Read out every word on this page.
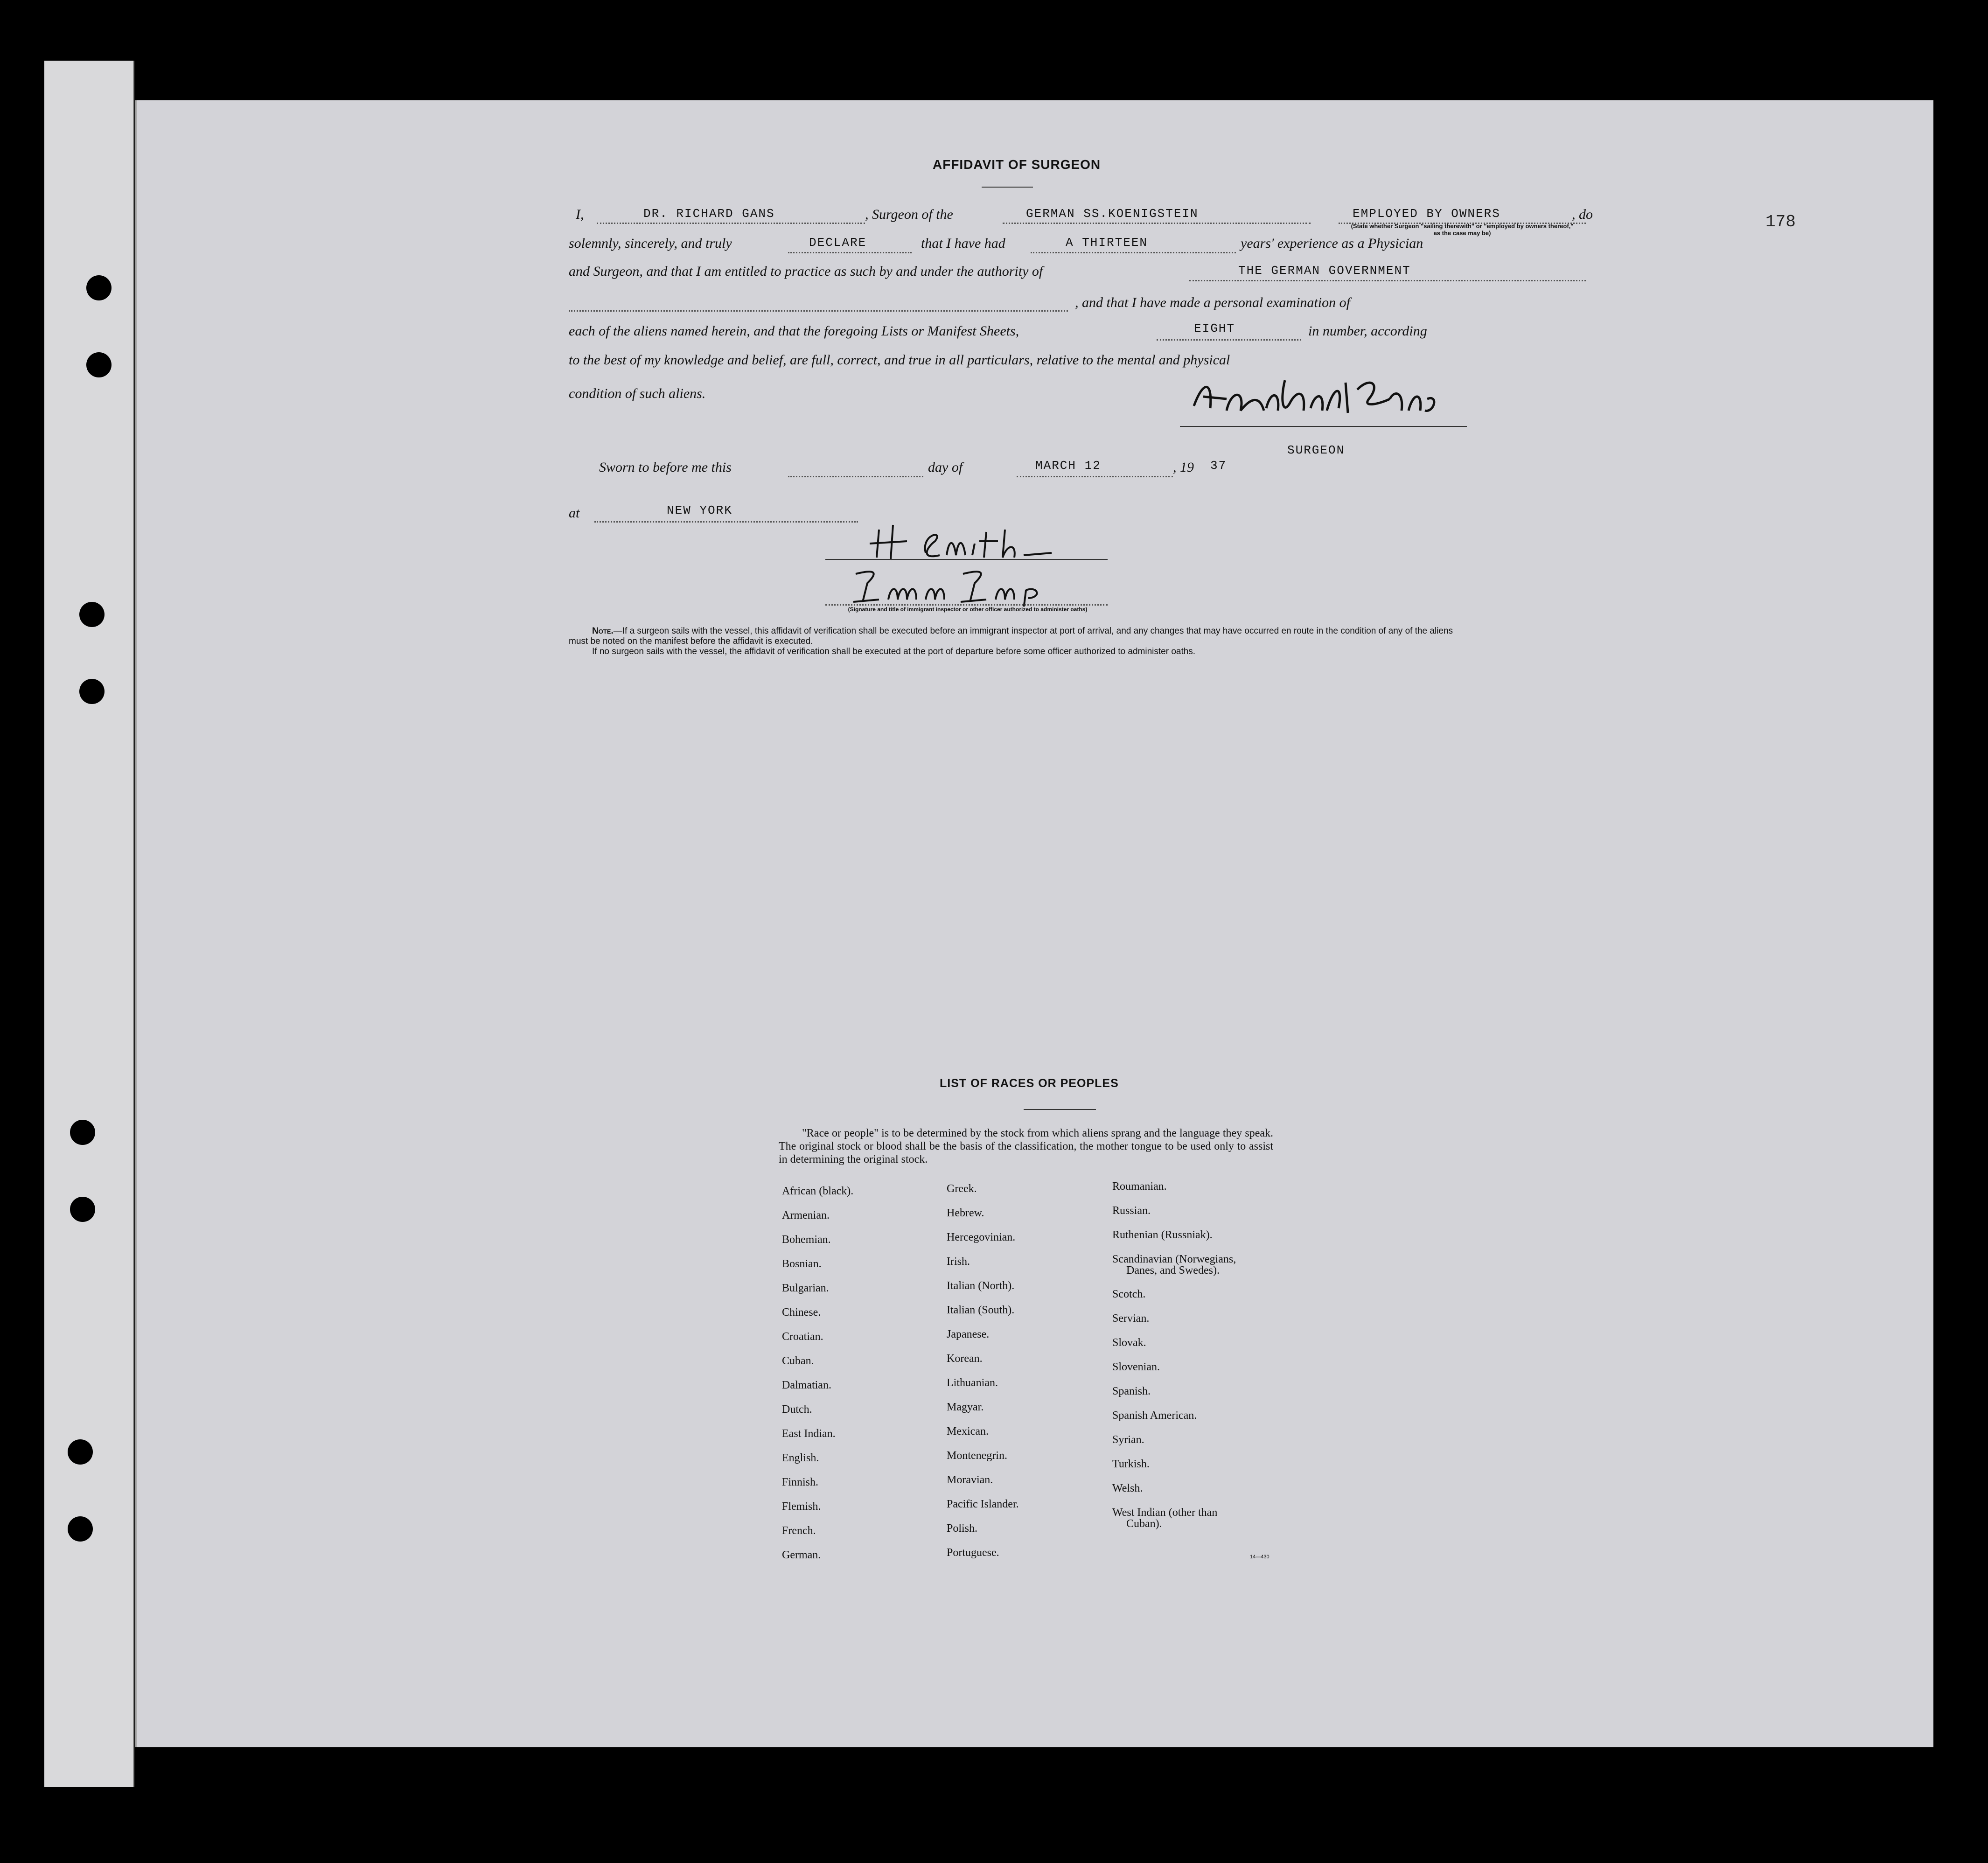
178
AFFIDAVIT OF SURGEON
I,	DR. RICHARD GANS	, Surgeon of the	GERMAN SS.KOENIGSTEIN	EMPLOYED BY OWNERS	, do
(State whether Surgeon "sailing therewith" or "employed by owners thereof," as the case may be)
solemnly, sincerely, and truly	DECLARE	that I have had	A THIRTEEN	years' experience as a Physician
and Surgeon, and that I am entitled to practice as such by and under the authority of	THE GERMAN GOVERNMENT
, and that I have made a personal examination of
each of the aliens named herein, and that the foregoing Lists or Manifest Sheets,	EIGHT	in number, according
to the best of my knowledge and belief, are full, correct, and true in all particulars, relative to the mental and physical
condition of such aliens.
SURGEON
Sworn to before me this	day of	MARCH 12	, 19 37
at	NEW YORK
(Signature and title of immigrant inspector or other officer authorized to administer oaths)
Note.—If a surgeon sails with the vessel, this affidavit of verification shall be executed before an immigrant inspector at port of arrival, and any changes that may have occurred en route in the condition of any of the aliens must be noted on the manifest before the affidavit is executed.
If no surgeon sails with the vessel, the affidavit of verification shall be executed at the port of departure before some officer authorized to administer oaths.
LIST OF RACES OR PEOPLES
"Race or people" is to be determined by the stock from which aliens sprang and the language they speak. The original stock or blood shall be the basis of the classification, the mother tongue to be used only to assist in determining the original stock.
African (black).
Armenian.
Bohemian.
Bosnian.
Bulgarian.
Chinese.
Croatian.
Cuban.
Dalmatian.
Dutch.
East Indian.
English.
Finnish.
Flemish.
French.
German.
Greek.
Hebrew.
Hercegovinian.
Irish.
Italian (North).
Italian (South).
Japanese.
Korean.
Lithuanian.
Magyar.
Mexican.
Montenegrin.
Moravian.
Pacific Islander.
Polish.
Portuguese.
Roumanian.
Russian.
Ruthenian (Russniak).
Scandinavian (Norwegians,
Danes, and Swedes).
Scotch.
Servian.
Slovak.
Slovenian.
Spanish.
Spanish American.
Syrian.
Turkish.
Welsh.
West Indian (other than
Cuban).
14—430
